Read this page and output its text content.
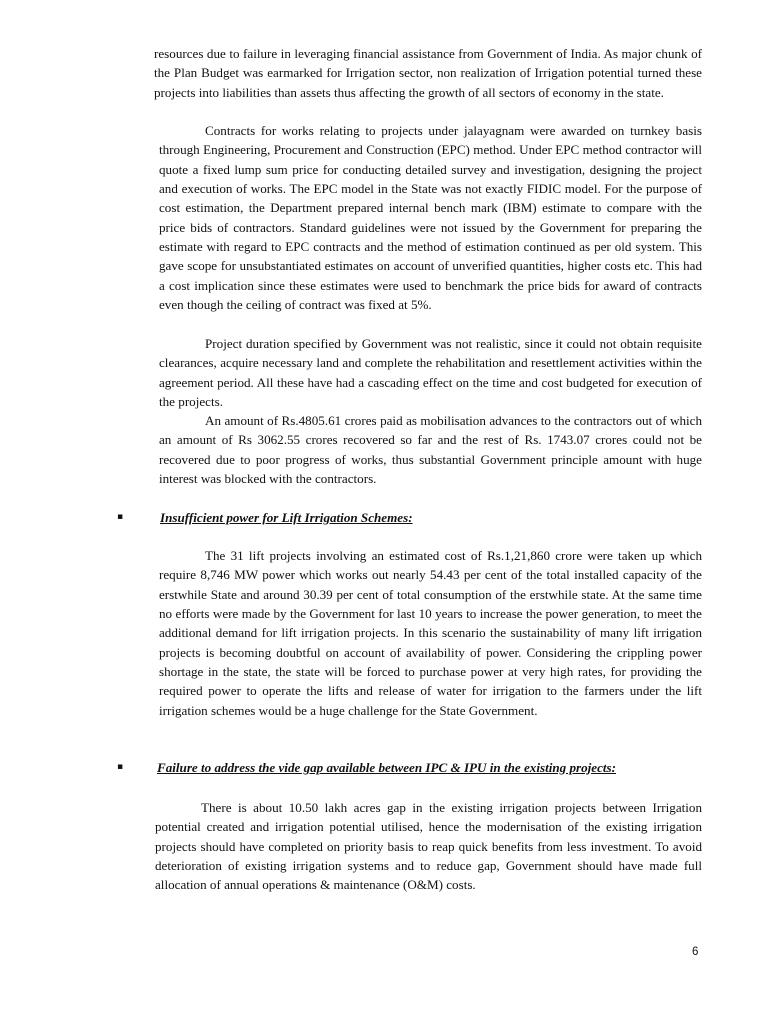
resources due to failure in leveraging financial assistance from Government of India. As major chunk of the Plan Budget was earmarked for Irrigation sector, non realization of Irrigation potential turned these projects into liabilities than assets thus affecting the growth of all sectors of economy in the state.

Contracts for works relating to projects under jalayagnam were awarded on turnkey basis through Engineering, Procurement and Construction (EPC) method. Under EPC method contractor will quote a fixed lump sum price for conducting detailed survey and investigation, designing the project and execution of works. The EPC model in the State was not exactly FIDIC model. For the purpose of cost estimation, the Department prepared internal bench mark (IBM) estimate to compare with the price bids of contractors. Standard guidelines were not issued by the Government for preparing the estimate with regard to EPC contracts and the method of estimation continued as per old system. This gave scope for unsubstantiated estimates on account of unverified quantities, higher costs etc. This had a cost implication since these estimates were used to benchmark the price bids for award of contracts even though the ceiling of contract was fixed at 5%.

Project duration specified by Government was not realistic, since it could not obtain requisite clearances, acquire necessary land and complete the rehabilitation and resettlement activities within the agreement period. All these have had a cascading effect on the time and cost budgeted for execution of the projects.

An amount of Rs.4805.61 crores paid as mobilisation advances to the contractors out of which an amount of Rs 3062.55 crores recovered so far and the rest of Rs. 1743.07 crores could not be recovered due to poor progress of works, thus substantial Government principle amount with huge interest was blocked with the contractors.

▪	Insufficient power for Lift Irrigation Schemes:

The 31 lift projects involving an estimated cost of Rs.1,21,860 crore were taken up which require 8,746 MW power which works out nearly 54.43 per cent of the total installed capacity of the erstwhile State and around 30.39 per cent of total consumption of the erstwhile state. At the same time no efforts were made by the Government for last 10 years to increase the power generation, to meet the additional demand for lift irrigation projects. In this scenario the sustainability of many lift irrigation projects is becoming doubtful on account of availability of power. Considering the crippling power shortage in the state, the state will be forced to purchase power at very high rates, for providing the required power to operate the lifts and release of water for irrigation to the farmers under the lift irrigation schemes would be a huge challenge for the State Government.

▪	Failure to address the vide gap available between IPC & IPU in the existing projects:

There is about 10.50 lakh acres gap in the existing irrigation projects between Irrigation potential created and irrigation potential utilised, hence the modernisation of the existing irrigation projects should have completed on priority basis to reap quick benefits from less investment. To avoid deterioration of existing irrigation systems and to reduce gap, Government should have made full allocation of annual operations & maintenance (O&M) costs.

6
